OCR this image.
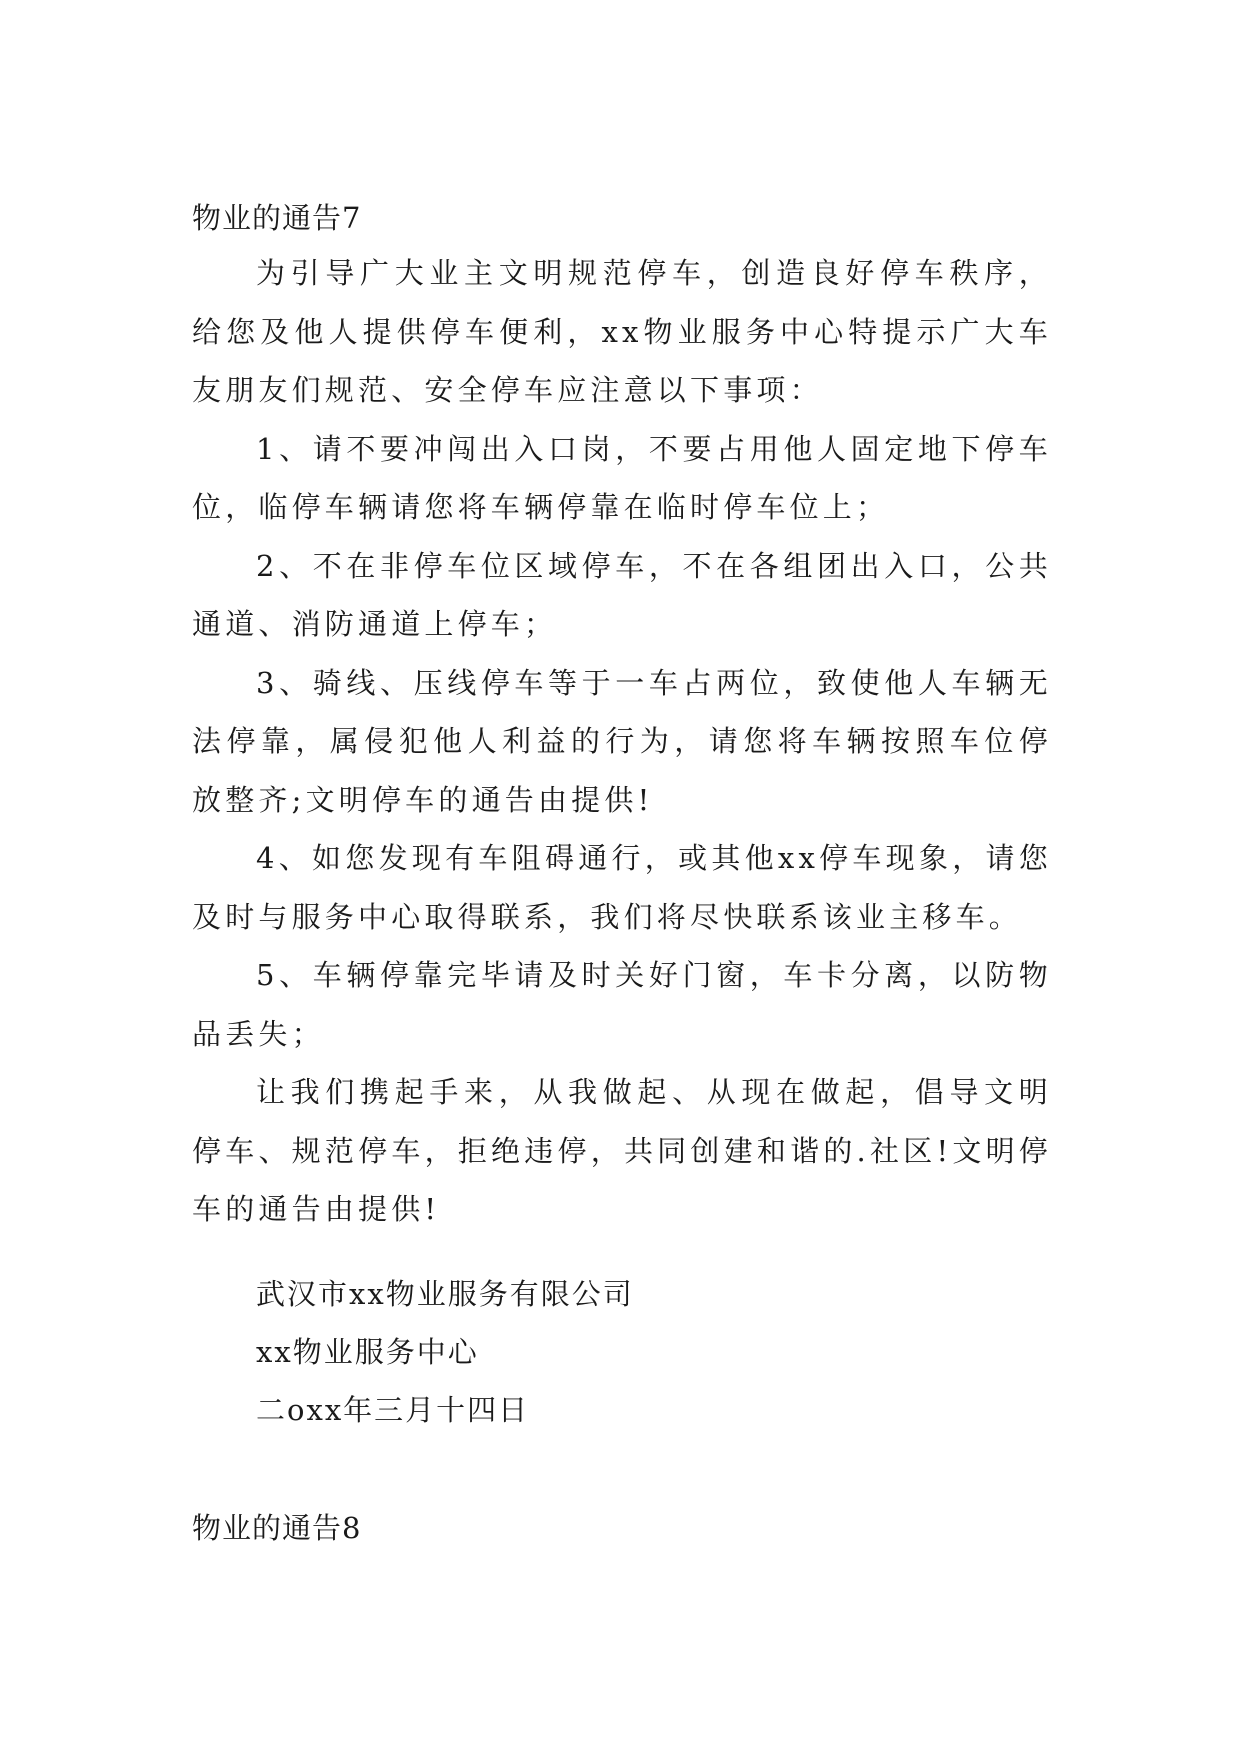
物业的通告7

为引导广大业主文明规范停车，创造良好停车秩序，给您及他人提供停车便利，xx物业服务中心特提示广大车友朋友们规范、安全停车应注意以下事项：

1、请不要冲闯出入口岗，不要占用他人固定地下停车位，临停车辆请您将车辆停靠在临时停车位上；

2、不在非停车位区域停车，不在各组团出入口，公共通道、消防通道上停车；

3、骑线、压线停车等于一车占两位，致使他人车辆无法停靠，属侵犯他人利益的行为，请您将车辆按照车位停放整齐;文明停车的通告由提供!

4、如您发现有车阻碍通行，或其他xx停车现象，请您及时与服务中心取得联系，我们将尽快联系该业主移车。

5、车辆停靠完毕请及时关好门窗，车卡分离，以防物品丢失；

让我们携起手来，从我做起、从现在做起，倡导文明停车、规范停车，拒绝违停，共同创建和谐的.社区!文明停车的通告由提供!

武汉市xx物业服务有限公司
xx物业服务中心
二oxx年三月十四日
物业的通告8
